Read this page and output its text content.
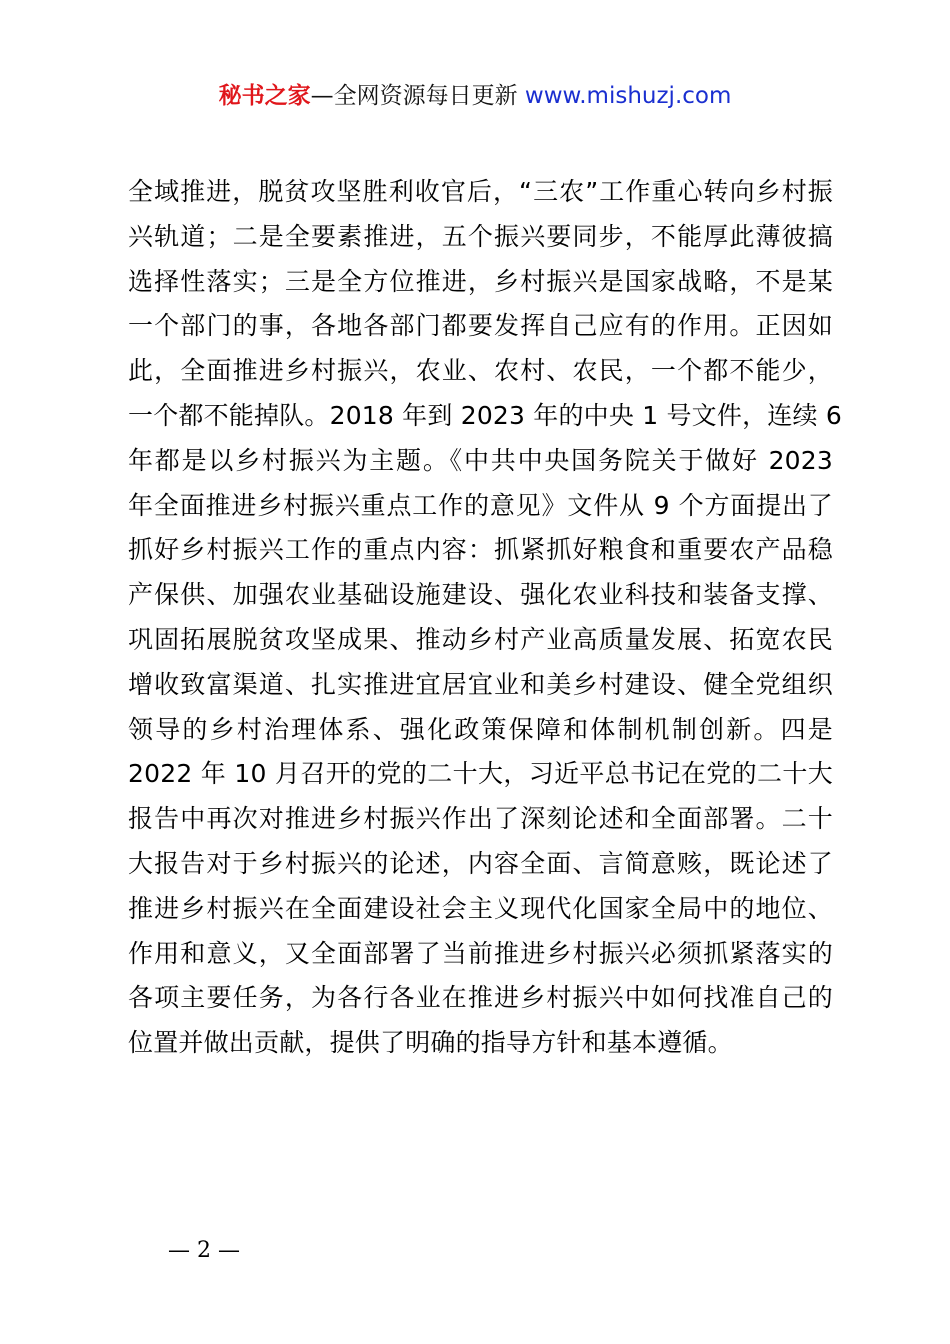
秘书之家—全网资源每日更新 www.mishuzj.com
全域推进，脱贫攻坚胜利收官后，“三农”工作重心转向乡村振
兴轨道；二是全要素推进，五个振兴要同步，不能厚此薄彼搞
选择性落实；三是全方位推进，乡村振兴是国家战略，不是某
一个部门的事，各地各部门都要发挥自己应有的作用。正因如
此，全面推进乡村振兴，农业、农村、农民，一个都不能少，
一个都不能掉队。2018 年到 2023 年的中央 1 号文件，连续 6
年都是以乡村振兴为主题。《中共中央国务院关于做好 2023
年全面推进乡村振兴重点工作的意见》文件从 9 个方面提出了
抓好乡村振兴工作的重点内容：抓紧抓好粮食和重要农产品稳
产保供、加强农业基础设施建设、强化农业科技和装备支撑、
巩固拓展脱贫攻坚成果、推动乡村产业高质量发展、拓宽农民
增收致富渠道、扎实推进宜居宜业和美乡村建设、健全党组织
领导的乡村治理体系、强化政策保障和体制机制创新。四是
2022 年 10 月召开的党的二十大，习近平总书记在党的二十大
报告中再次对推进乡村振兴作出了深刻论述和全面部署。二十
大报告对于乡村振兴的论述，内容全面、言简意赅，既论述了
推进乡村振兴在全面建设社会主义现代化国家全局中的地位、
作用和意义，又全面部署了当前推进乡村振兴必须抓紧落实的
各项主要任务，为各行各业在推进乡村振兴中如何找准自己的
位置并做出贡献，提供了明确的指导方针和基本遵循。
— 2 —
